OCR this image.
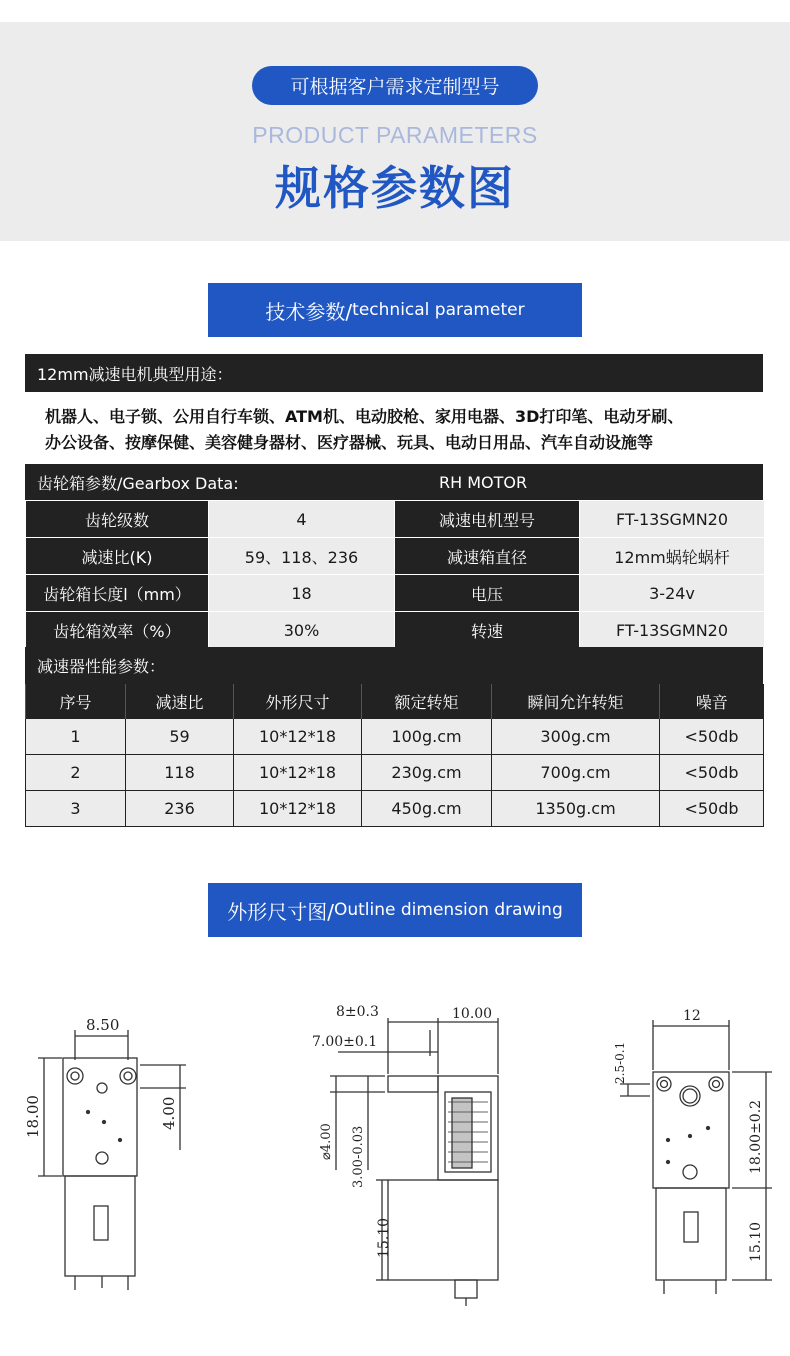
可根据客户需求定制型号
PRODUCT PARAMETERS
规格参数图
技术参数/ technical parameter
12mm减速电机典型用途：

机器人、电子锁、公用自行车锁、ATM机、电动胶枪、家用电器、3D打印笔、电动牙刷、
办公设备、按摩保健、美容健身器材、医疗器械、玩具、电动日用品、汽车自动设施等

齿轮箱参数/Gearbox Data:	RH MOTOR
齿轮级数	4	减速电机型号	FT-13SGMN20
减速比(K)	59、118、236	减速箱直径	12mm蜗轮蜗杆
齿轮箱长度l（mm）	18	电压	3-24v
齿轮箱效率（%）	30%	转速	FT-13SGMN20
减速器性能参数：
序号	减速比	外形尺寸	额定转矩	瞬间允许转矩	噪音
1	59	10*12*18	100g.cm	300g.cm	<50db
2	118	10*12*18	230g.cm	700g.cm	<50db
3	236	10*12*18	450g.cm	1350g.cm	<50db
外形尺寸图/ Outline dimension drawing
8.50
18.00	4.00
8±0.3	10.00
7.00±0.1
⌀4.00 3.00-0.03
15.10
12
2.5-0.1
18.00±0.2
15.10
